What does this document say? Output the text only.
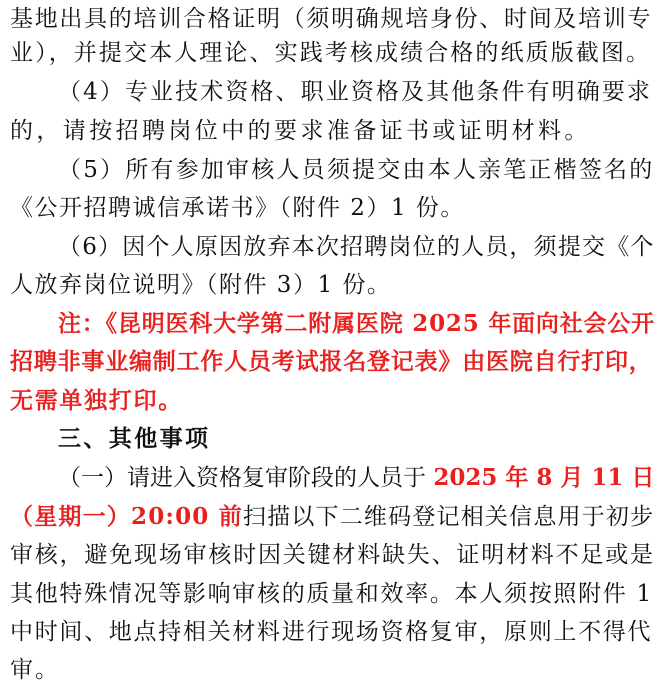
基地出具的培训合格证明（须明确规培身份、时间及培训专
业），并提交本人理论、实践考核成绩合格的纸质版截图。
（4）专业技术资格、职业资格及其他条件有明确要求
的，请按招聘岗位中的要求准备证书或证明材料。
（5）所有参加审核人员须提交由本人亲笔正楷签名的
《公开招聘诚信承诺书》（附件 2）1 份。
（6）因个人原因放弃本次招聘岗位的人员，须提交《个
人放弃岗位说明》（附件 3）1 份。
注：《昆明医科大学第二附属医院 2025 年面向社会公开
招聘非事业编制工作人员考试报名登记表》由医院自行打印，
无需单独打印。
三、其他事项
（一）请进入资格复审阶段的人员于 2025 年 8 月 11 日
（星期一）20:00 前扫描以下二维码登记相关信息用于初步
审核，避免现场审核时因关键材料缺失、证明材料不足或是
其他特殊情况等影响审核的质量和效率。本人须按照附件 1
中时间、地点持相关材料进行现场资格复审，原则上不得代
审。
